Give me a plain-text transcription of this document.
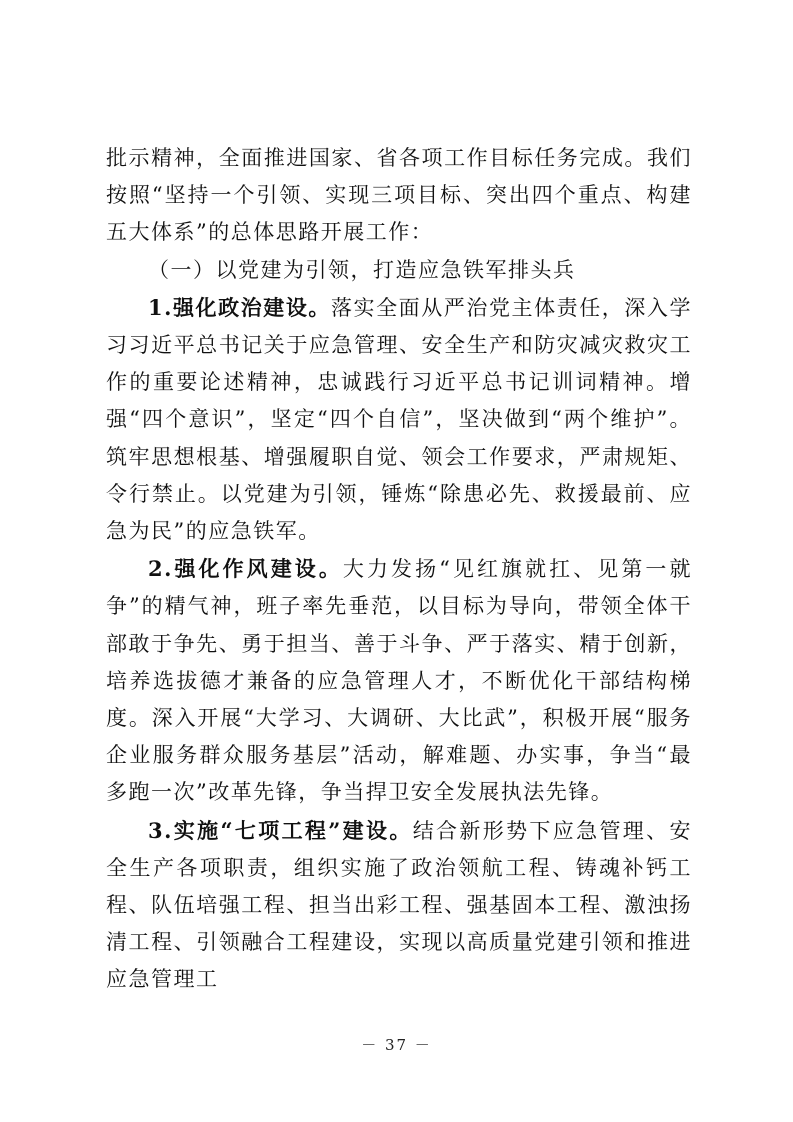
批示精神，全面推进国家、省各项工作目标任务完成。我们按照“坚持一个引领、实现三项目标、突出四个重点、构建五大体系”的总体思路开展工作：

（一）以党建为引领，打造应急铁军排头兵

1.强化政治建设。落实全面从严治党主体责任，深入学习习近平总书记关于应急管理、安全生产和防灾减灾救灾工作的重要论述精神，忠诚践行习近平总书记训词精神。增强“四个意识”，坚定“四个自信”，坚决做到“两个维护”。筑牢思想根基、增强履职自觉、领会工作要求，严肃规矩、令行禁止。以党建为引领，锤炼“除患必先、救援最前、应急为民”的应急铁军。

2.强化作风建设。大力发扬“见红旗就扛、见第一就争”的精气神，班子率先垂范，以目标为导向，带领全体干部敢于争先、勇于担当、善于斗争、严于落实、精于创新，培养选拔德才兼备的应急管理人才，不断优化干部结构梯度。深入开展“大学习、大调研、大比武”，积极开展“服务企业服务群众服务基层”活动，解难题、办实事，争当“最多跑一次”改革先锋，争当捍卫安全发展执法先锋。

3.实施“七项工程”建设。结合新形势下应急管理、安全生产各项职责，组织实施了政治领航工程、铸魂补钙工程、队伍培强工程、担当出彩工程、强基固本工程、激浊扬清工程、引领融合工程建设，实现以高质量党建引领和推进应急管理工

－ 37 －
